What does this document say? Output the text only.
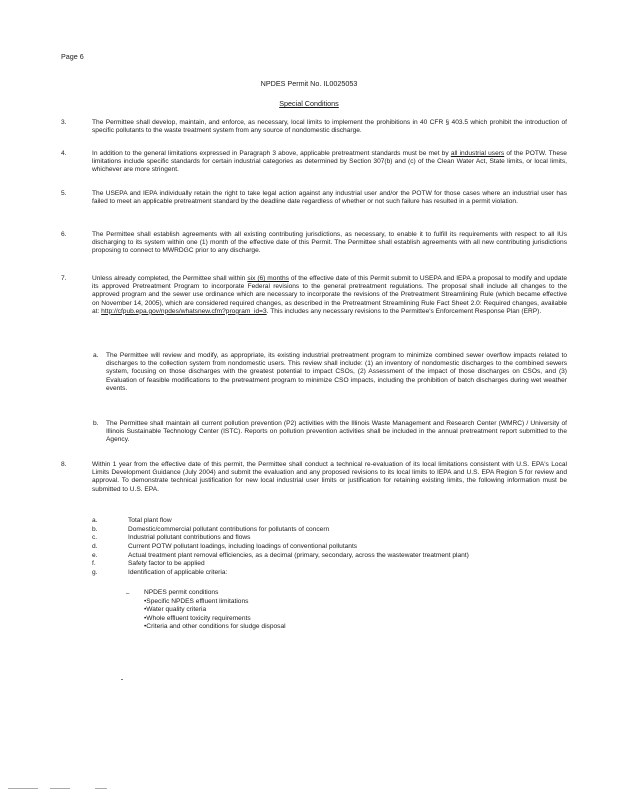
Page 6
NPDES Permit No. IL0025053
Special Conditions
3.	The Permittee shall develop, maintain, and enforce, as necessary, local limits to implement the prohibitions in 40 CFR § 403.5 which prohibit the introduction of specific pollutants to the waste treatment system from any source of nondomestic discharge.
4.	In addition to the general limitations expressed in Paragraph 3 above, applicable pretreatment standards must be met by all industrial users of the POTW. These limitations include specific standards for certain industrial categories as determined by Section 307(b) and (c) of the Clean Water Act, State limits, or local limits, whichever are more stringent.
5.	The USEPA and IEPA individually retain the right to take legal action against any industrial user and/or the POTW for those cases where an industrial user has failed to meet an applicable pretreatment standard by the deadline date regardless of whether or not such failure has resulted in a permit violation.
6.	The Permittee shall establish agreements with all existing contributing jurisdictions, as necessary, to enable it to fulfill its requirements with respect to all IUs discharging to its system within one (1) month of the effective date of this Permit. The Permittee shall establish agreements with all new contributing jurisdictions proposing to connect to MWRDGC prior to any discharge.
7.	Unless already completed, the Permittee shall within six (6) months of the effective date of this Permit submit to USEPA and IEPA a proposal to modify and update its approved Pretreatment Program to incorporate Federal revisions to the general pretreatment regulations. The proposal shall include all changes to the approved program and the sewer use ordinance which are necessary to incorporate the revisions of the Pretreatment Streamlining Rule (which became effective on November 14, 2005), which are considered required changes, as described in the Pretreatment Streamlining Rule Fact Sheet 2.0: Required changes, available at: http://cfpub.epa.gov/npdes/whatsnew.cfm?program_id=3. This includes any necessary revisions to the Permittee's Enforcement Response Plan (ERP).
a. The Permittee will review and modify, as appropriate, its existing industrial pretreatment program to minimize combined sewer overflow impacts related to discharges to the collection system from nondomestic users. This review shall include: (1) an inventory of nondomestic discharges to the combined sewers system, focusing on those discharges with the greatest potential to impact CSOs, (2) Assessment of the impact of those discharges on CSOs, and (3) Evaluation of feasible modifications to the pretreatment program to minimize CSO impacts, including the prohibition of batch discharges during wet weather events.
b. The Permittee shall maintain all current pollution prevention (P2) activities with the Illinois Waste Management and Research Center (WMRC) / University of Illinois Sustainable Technology Center (ISTC). Reports on pollution prevention activities shall be included in the annual pretreatment report submitted to the Agency.
8.	Within 1 year from the effective date of this permit, the Permittee shall conduct a technical re-evaluation of its local limitations consistent with U.S. EPA's Local Limits Development Guidance (July 2004) and submit the evaluation and any proposed revisions to its local limits to IEPA and U.S. EPA Region 5 for review and approval. To demonstrate technical justification for new local industrial user limits or justification for retaining existing limits, the following information must be submitted to U.S. EPA.
a.	Total plant flow
b.	Domestic/commercial pollutant contributions for pollutants of concern
c.	Industrial pollutant contributions and flows
d.	Current POTW pollutant loadings, including loadings of conventional pollutants
e.	Actual treatment plant removal efficiencies, as a decimal (primary, secondary, across the wastewater treatment plant)
f.	Safety factor to be applied
g.	Identification of applicable criteria:
– NPDES permit conditions
•Specific NPDES effluent limitations
•Water quality criteria
•Whole effluent toxicity requirements
•Criteria and other conditions for sludge disposal
